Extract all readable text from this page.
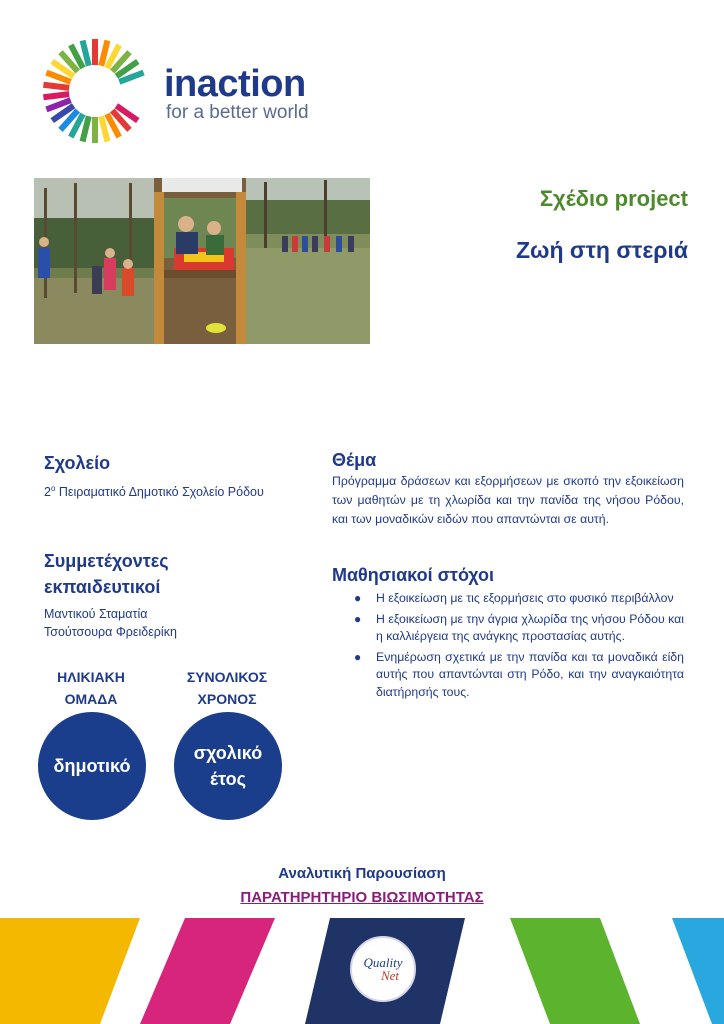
inaction
for a better world
Σχέδιο project
Ζωή στη στεριά
Σχολείο
$2^o$ Πειραματικό Δημοτικό Σχολείο Ρόδου
Συμμετέχοντες
εκπαιδευτικοί
Μαντικού Σταματία
Τσούτσουρα Φρειδερίκη
ΗΛΙΚΙΑΚΗ
ΟΜΑΔΑ
δημοτικό
ΣΥΝΟΛΙΚΟΣ
ΧΡΟΝΟΣ
σχολικό
έτος
Θέμα
Πρόγραμμα δράσεων και εξορμήσεων με σκοπό την εξοικείωση των μαθητών με τη χλωρίδα και την πανίδα της νήσου Ρόδου, και των μοναδικών ειδών που απαντώνται σε αυτή.
Μαθησιακοί στόχοι
● Η εξοικείωση με τις εξορμήσεις στο φυσικό περιβάλλον
● Η εξοικείωση με την άγρια χλωρίδα της νήσου Ρόδου και η καλλιέργεια της ανάγκης προστασίας αυτής.
● Ενημέρωση σχετικά με την πανίδα και τα μοναδικά είδη αυτής που απαντώνται στη Ρόδο, και την αναγκαιότητα διατήρησής τους.
Αναλυτική Παρουσίαση
ΠΑΡΑΤΗΡΗΤΗΡΙΟ ΒΙΩΣΙΜΟΤΗΤΑΣ
Quality
Net
